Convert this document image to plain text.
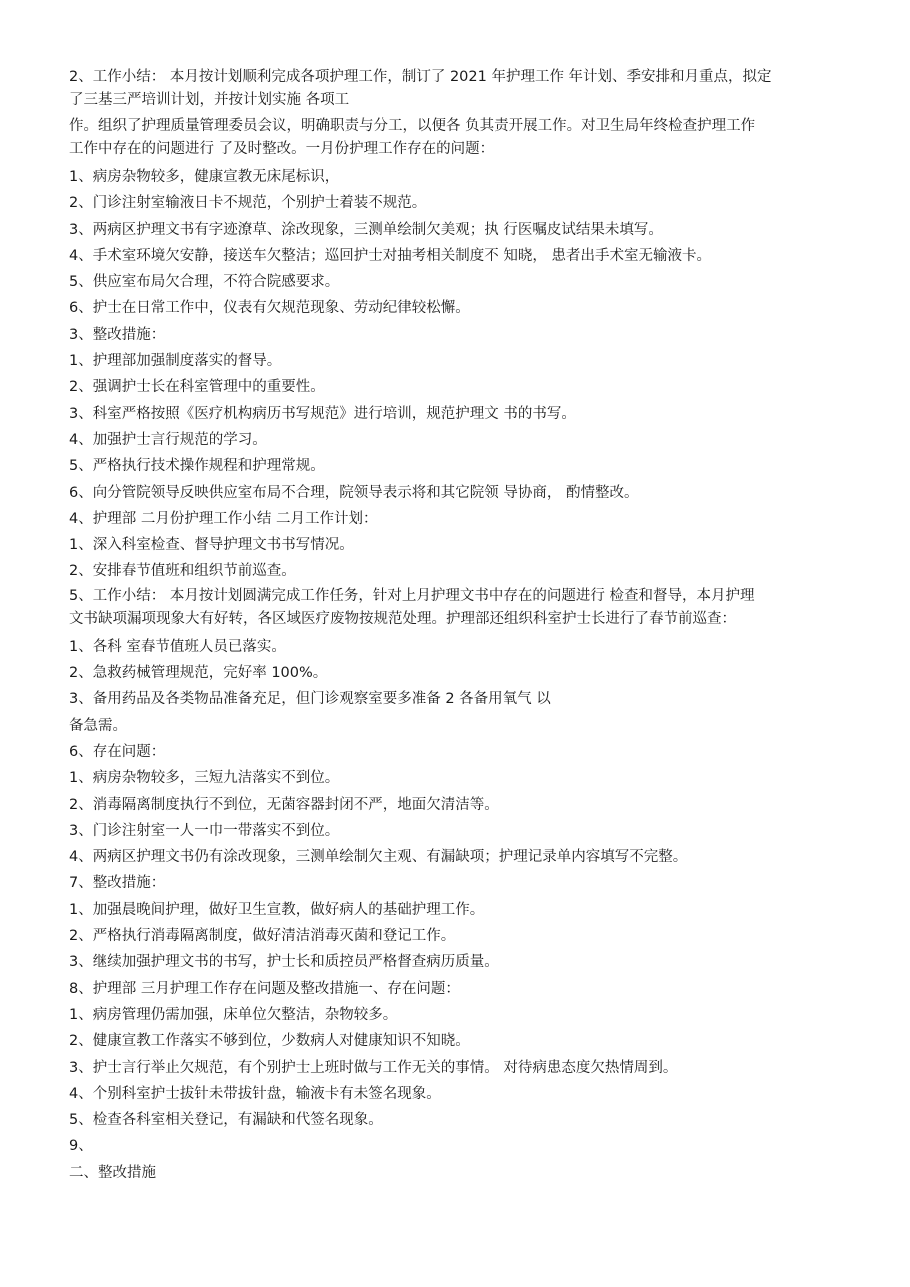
2、工作小结： 本月按计划顺利完成各项护理工作，制订了 2021 年护理工作 年计划、季安排和月重点，拟定
了三基三严培训计划，并按计划实施 各项工
作。组织了护理质量管理委员会议，明确职责与分工，以便各 负其责开展工作。对卫生局年终检查护理工作
工作中存在的问题进行 了及时整改。一月份护理工作存在的问题：
1、病房杂物较多，健康宣教无床尾标识，
2、门诊注射室输液日卡不规范，个别护士着装不规范。
3、两病区护理文书有字迹潦草、涂改现象，三测单绘制欠美观；执 行医嘱皮试结果未填写。
4、手术室环境欠安静，接送车欠整洁；巡回护士对抽考相关制度不 知晓， 患者出手术室无输液卡。
5、供应室布局欠合理，不符合院感要求。
6、护士在日常工作中，仪表有欠规范现象、劳动纪律较松懈。
3、整改措施：
1、护理部加强制度落实的督导。
2、强调护士长在科室管理中的重要性。
3、科室严格按照《医疗机构病历书写规范》进行培训，规范护理文 书的书写。
4、加强护士言行规范的学习。
5、严格执行技术操作规程和护理常规。
6、向分管院领导反映供应室布局不合理，院领导表示将和其它院领 导协商， 酌情整改。
4、护理部 二月份护理工作小结 二月工作计划：
1、深入科室检查、督导护理文书书写情况。
2、安排春节值班和组织节前巡查。
5、工作小结： 本月按计划圆满完成工作任务，针对上月护理文书中存在的问题进行 检查和督导，本月护理
文书缺项漏项现象大有好转，各区域医疗废物按规范处理。护理部还组织科室护士长进行了春节前巡查：
1、各科 室春节值班人员已落实。
2、急救药械管理规范，完好率 100%。
3、备用药品及各类物品准备充足，但门诊观察室要多准备 2 各备用氧气 以
备急需。
6、存在问题：
1、病房杂物较多，三短九洁落实不到位。
2、消毒隔离制度执行不到位，无菌容器封闭不严，地面欠清洁等。
3、门诊注射室一人一巾一带落实不到位。
4、两病区护理文书仍有涂改现象，三测单绘制欠主观、有漏缺项；护理记录单内容填写不完整。
7、整改措施：
1、加强晨晚间护理，做好卫生宣教，做好病人的基础护理工作。
2、严格执行消毒隔离制度，做好清洁消毒灭菌和登记工作。
3、继续加强护理文书的书写，护士长和质控员严格督查病历质量。
8、护理部 三月护理工作存在问题及整改措施一、存在问题：
1、病房管理仍需加强，床单位欠整洁，杂物较多。
2、健康宣教工作落实不够到位，少数病人对健康知识不知晓。
3、护士言行举止欠规范，有个别护士上班时做与工作无关的事情。 对待病患态度欠热情周到。
4、个别科室护士拔针未带拔针盘，输液卡有未签名现象。
5、检查各科室相关登记，有漏缺和代签名现象。
9、
二、整改措施
